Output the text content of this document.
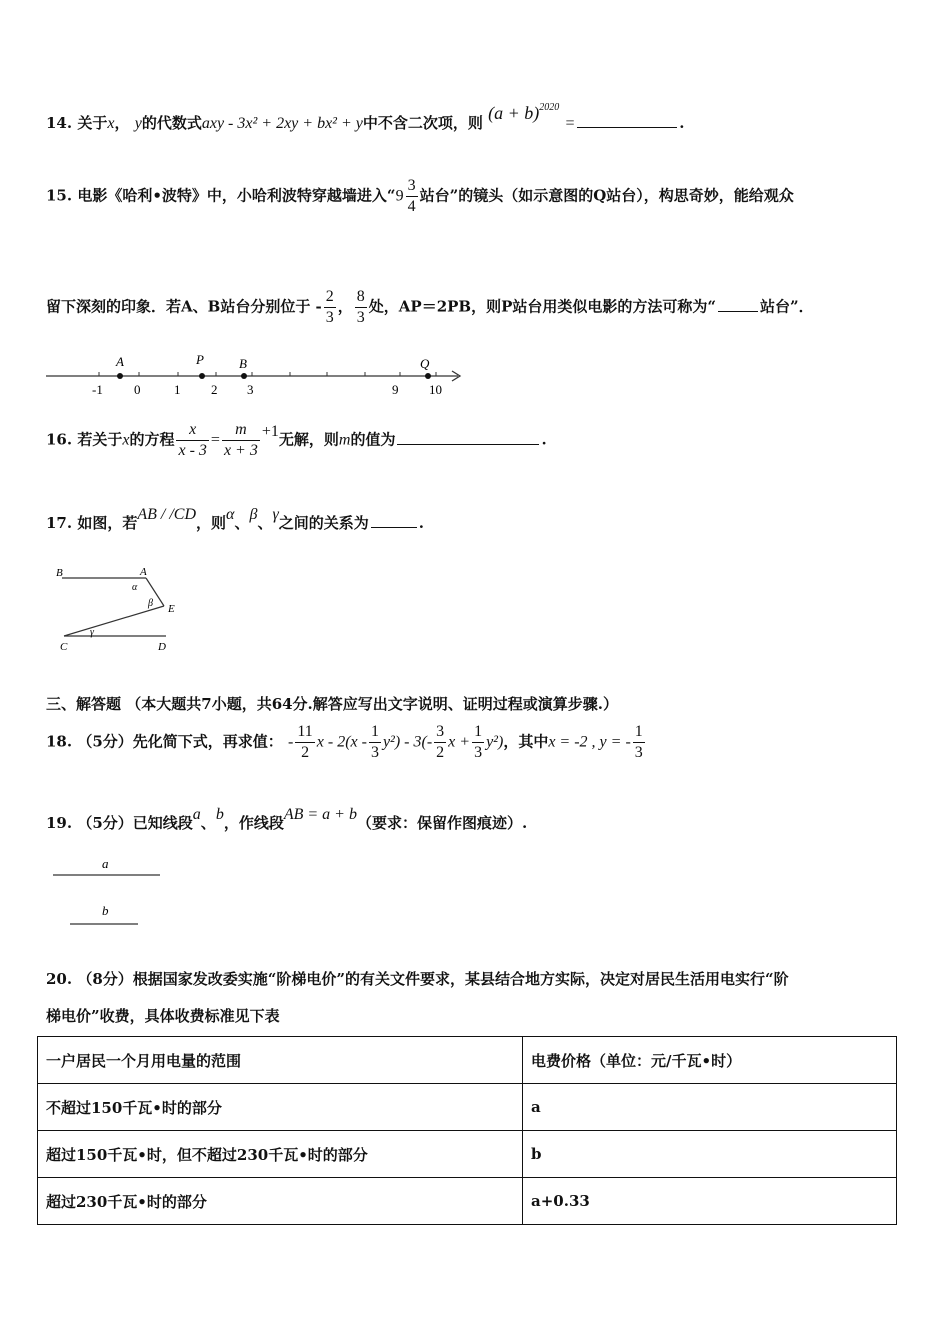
14. 关于x， y的代数式axy - 3x² + 2xy + bx² + y中不含二次项，则 $(a + b)^{2020}$ =	.
15. 电影《哈利•波特》中，小哈利波特穿越墙进入“$9 \frac{3}{4}$ 站台”的镜头（如示意图的Q站台），构思奇妙，能给观众
留下深刻的印象．若A、B站台分别位于 - $\frac{2}{3}$ ， $\frac{8}{3}$ 处，AP＝2PB，则P站台用类似电影的方法可称为“	站台”．
A	P	B	Q
-1 0	1 2 3	9 10
16. 若关于x的方程 $\frac{x}{x - 3} = \frac{m}{x + 3} +1$无解，则m的值为	.
17. 如图，若AB / /CD，则α、β、γ之间的关系为	.
B	A
E
C	D
α
β
γ
三、解答题 （本大题共7小题，共64分.解答应写出文字说明、证明过程或演算步骤.）
18. （5分）先化简下式，再求值： - $\frac{11}{2}$ x - $2(x - \frac{1}{3} y^2) - 3(- \frac{3}{2}$ $x + \frac{1}{3} y^2$)，其中x = -2 , y = - $\frac{1}{3}$
19. （5分）已知线段a、b，作线段AB = a + b（要求：保留作图痕迹）.
a
b
20. （8分）根据国家发改委实施“阶梯电价”的有关文件要求，某县结合地方实际，决定对居民生活用电实行“阶
梯电价”收费，具体收费标准见下表
一户居民一个月用电量的范围	电费价格（单位：元/千瓦•时）
不超过150千瓦•时的部分	a
超过150千瓦•时，但不超过230千瓦•时的部分	b
超过230千瓦•时的部分	a+0.33
